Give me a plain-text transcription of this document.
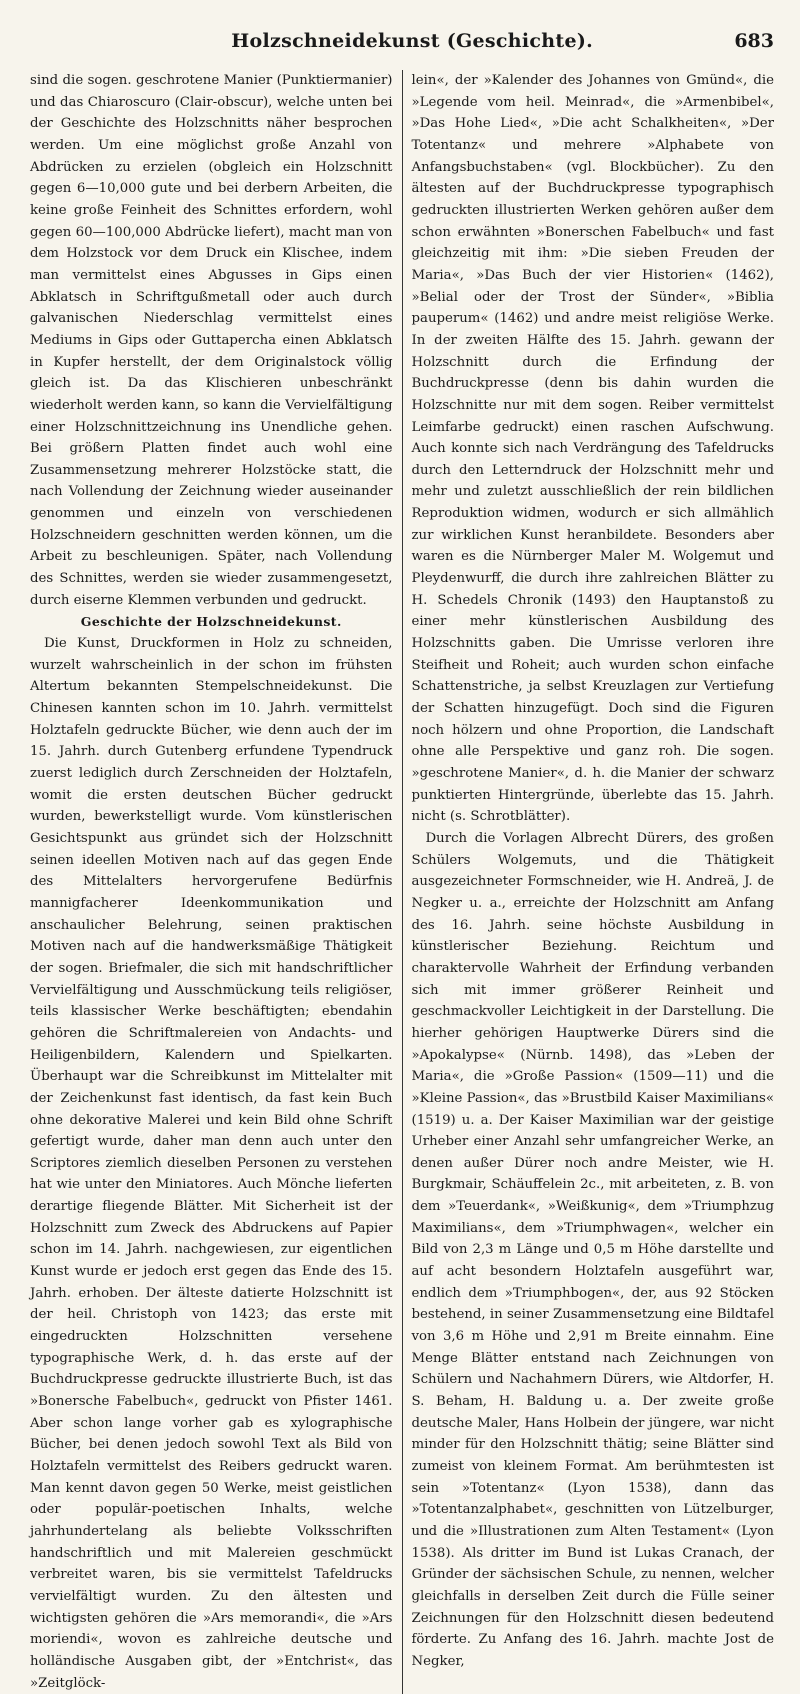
Holzschneidekunst (Geschichte).	683

sind die sogen. geschrotene Manier (Punktiermanier) und das Chiaroscuro (Clair-obscur), welche unten bei der Geschichte des Holzschnitts näher besprochen werden. Um eine möglichst große Anzahl von Abdrücken zu erzielen (obgleich ein Holzschnitt gegen 6—10,000 gute und bei derbern Arbeiten, die keine große Feinheit des Schnittes erfordern, wohl gegen 60—100,000 Abdrücke liefert), macht man von dem Holzstock vor dem Druck ein Klischee, indem man vermittelst eines Abgusses in Gips einen Abklatsch in Schriftgußmetall oder auch durch galvanischen Niederschlag vermittelst eines Mediums in Gips oder Guttapercha einen Abklatsch in Kupfer herstellt, der dem Originalstock völlig gleich ist. Da das Klischieren unbeschränkt wiederholt werden kann, so kann die Vervielfältigung einer Holzschnittzeichnung ins Unendliche gehen. Bei größern Platten findet auch wohl eine Zusammensetzung mehrerer Holzstöcke statt, die nach Vollendung der Zeichnung wieder auseinander genommen und einzeln von verschiedenen Holzschneidern geschnitten werden können, um die Arbeit zu beschleunigen. Später, nach Vollendung des Schnittes, werden sie wieder zusammengesetzt, durch eiserne Klemmen verbunden und gedruckt.

Geschichte der Holzschneidekunst.

Die Kunst, Druckformen in Holz zu schneiden, wurzelt wahrscheinlich in der schon im frühsten Altertum bekannten Stempelschneidekunst. Die Chinesen kannten schon im 10. Jahrh. vermittelst Holztafeln gedruckte Bücher, wie denn auch der im 15. Jahrh. durch Gutenberg erfundene Typendruck zuerst lediglich durch Zerschneiden der Holztafeln, womit die ersten deutschen Bücher gedruckt wurden, bewerkstelligt wurde. Vom künstlerischen Gesichtspunkt aus gründet sich der Holzschnitt seinen ideellen Motiven nach auf das gegen Ende des Mittelalters hervorgerufene Bedürfnis mannigfacherer Ideenkommunikation und anschaulicher Belehrung, seinen praktischen Motiven nach auf die handwerksmäßige Thätigkeit der sogen. Briefmaler, die sich mit handschriftlicher Vervielfältigung und Ausschmückung teils religiöser, teils klassischer Werke beschäftigten; ebendahin gehören die Schriftmalereien von Andachts- und Heiligenbildern, Kalendern und Spielkarten. Überhaupt war die Schreibkunst im Mittelalter mit der Zeichenkunst fast identisch, da fast kein Buch ohne dekorative Malerei und kein Bild ohne Schrift gefertigt wurde, daher man denn auch unter den Scriptores ziemlich dieselben Personen zu verstehen hat wie unter den Miniatores. Auch Mönche lieferten derartige fliegende Blätter. Mit Sicherheit ist der Holzschnitt zum Zweck des Abdruckens auf Papier schon im 14. Jahrh. nachgewiesen, zur eigentlichen Kunst wurde er jedoch erst gegen das Ende des 15. Jahrh. erhoben. Der älteste datierte Holzschnitt ist der heil. Christoph von 1423; das erste mit eingedruckten Holzschnitten versehene typographische Werk, d. h. das erste auf der Buchdruckpresse gedruckte illustrierte Buch, ist das »Bonersche Fabelbuch«, gedruckt von Pfister 1461. Aber schon lange vorher gab es xylographische Bücher, bei denen jedoch sowohl Text als Bild von Holztafeln vermittelst des Reibers gedruckt waren. Man kennt davon gegen 50 Werke, meist geistlichen oder populär-poetischen Inhalts, welche jahrhundertelang als beliebte Volksschriften handschriftlich und mit Malereien geschmückt verbreitet waren, bis sie vermittelst Tafeldrucks vervielfältigt wurden. Zu den ältesten und wichtigsten gehören die »Ars memorandi«, die »Ars moriendi«, wovon es zahlreiche deutsche und holländische Ausgaben gibt, der »Entchrist«, das »Zeitglöck-

lein«, der »Kalender des Johannes von Gmünd«, die »Legende vom heil. Meinrad«, die »Armenbibel«, »Das Hohe Lied«, »Die acht Schalkheiten«, »Der Totentanz« und mehrere »Alphabete von Anfangsbuchstaben« (vgl. Blockbücher). Zu den ältesten auf der Buchdruckpresse typographisch gedruckten illustrierten Werken gehören außer dem schon erwähnten »Bonerschen Fabelbuch« und fast gleichzeitig mit ihm: »Die sieben Freuden der Maria«, »Das Buch der vier Historien« (1462), »Belial oder der Trost der Sünder«, »Biblia pauperum« (1462) und andre meist religiöse Werke. In der zweiten Hälfte des 15. Jahrh. gewann der Holzschnitt durch die Erfindung der Buchdruckpresse (denn bis dahin wurden die Holzschnitte nur mit dem sogen. Reiber vermittelst Leimfarbe gedruckt) einen raschen Aufschwung. Auch konnte sich nach Verdrängung des Tafeldrucks durch den Letterndruck der Holzschnitt mehr und mehr und zuletzt ausschließlich der rein bildlichen Reproduktion widmen, wodurch er sich allmählich zur wirklichen Kunst heranbildete. Besonders aber waren es die Nürnberger Maler M. Wolgemut und Pleydenwurff, die durch ihre zahlreichen Blätter zu H. Schedels Chronik (1493) den Hauptanstoß zu einer mehr künstlerischen Ausbildung des Holzschnitts gaben. Die Umrisse verloren ihre Steifheit und Roheit; auch wurden schon einfache Schattenstriche, ja selbst Kreuzlagen zur Vertiefung der Schatten hinzugefügt. Doch sind die Figuren noch hölzern und ohne Proportion, die Landschaft ohne alle Perspektive und ganz roh. Die sogen. »geschrotene Manier«, d. h. die Manier der schwarz punktierten Hintergründe, überlebte das 15. Jahrh. nicht (s. Schrotblätter).

Durch die Vorlagen Albrecht Dürers, des großen Schülers Wolgemuts, und die Thätigkeit ausgezeichneter Formschneider, wie H. Andreä, J. de Negker u. a., erreichte der Holzschnitt am Anfang des 16. Jahrh. seine höchste Ausbildung in künstlerischer Beziehung. Reichtum und charaktervolle Wahrheit der Erfindung verbanden sich mit immer größerer Reinheit und geschmackvoller Leichtigkeit in der Darstellung. Die hierher gehörigen Hauptwerke Dürers sind die »Apokalypse« (Nürnb. 1498), das »Leben der Maria«, die »Große Passion« (1509—11) und die »Kleine Passion«, das »Brustbild Kaiser Maximilians« (1519) u. a. Der Kaiser Maximilian war der geistige Urheber einer Anzahl sehr umfangreicher Werke, an denen außer Dürer noch andre Meister, wie H. Burgkmair, Schäuffelein 2c., mit arbeiteten, z. B. von dem »Teuerdank«, »Weißkunig«, dem »Triumphzug Maximilians«, dem »Triumphwagen«, welcher ein Bild von 2,3 m Länge und 0,5 m Höhe darstellte und auf acht besondern Holztafeln ausgeführt war, endlich dem »Triumphbogen«, der, aus 92 Stöcken bestehend, in seiner Zusammensetzung eine Bildtafel von 3,6 m Höhe und 2,91 m Breite einnahm. Eine Menge Blätter entstand nach Zeichnungen von Schülern und Nachahmern Dürers, wie Altdorfer, H. S. Beham, H. Baldung u. a. Der zweite große deutsche Maler, Hans Holbein der jüngere, war nicht minder für den Holzschnitt thätig; seine Blätter sind zumeist von kleinem Format. Am berühmtesten ist sein »Totentanz« (Lyon 1538), dann das »Totentanzalphabet«, geschnitten von Lützelburger, und die »Illustrationen zum Alten Testament« (Lyon 1538). Als dritter im Bund ist Lukas Cranach, der Gründer der sächsischen Schule, zu nennen, welcher gleichfalls in derselben Zeit durch die Fülle seiner Zeichnungen für den Holzschnitt diesen bedeutend förderte. Zu Anfang des 16. Jahrh. machte Jost de Negker,
